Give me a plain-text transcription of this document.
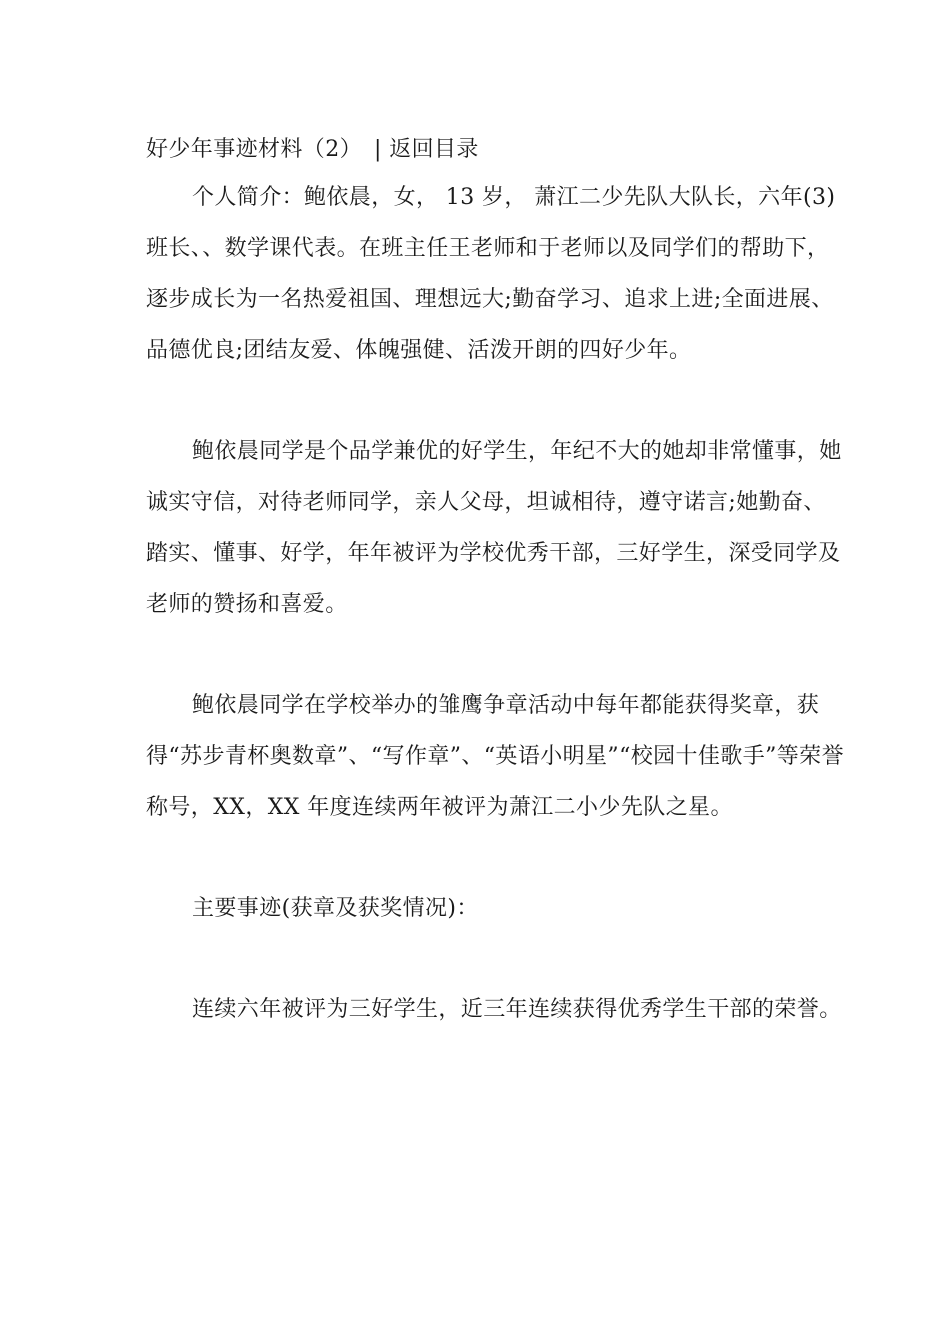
好少年事迹材料（2） | 返回目录

个人简介：鲍依晨，女， 13 岁， 萧江二少先队大队长，六年(3)班长、、数学课代表。在班主任王老师和于老师以及同学们的帮助下，逐步成长为一名热爱祖国、理想远大;勤奋学习、追求上进;全面进展、品德优良;团结友爱、体魄强健、活泼开朗的四好少年。

鲍依晨同学是个品学兼优的好学生，年纪不大的她却非常懂事，她诚实守信，对待老师同学，亲人父母，坦诚相待，遵守诺言;她勤奋、踏实、懂事、好学，年年被评为学校优秀干部，三好学生，深受同学及老师的赞扬和喜爱。

鲍依晨同学在学校举办的雏鹰争章活动中每年都能获得奖章，获得“苏步青杯奥数章”、“写作章”、“英语小明星”“校园十佳歌手”等荣誉称号，XX，XX 年度连续两年被评为萧江二小少先队之星。

主要事迹(获章及获奖情况)：

连续六年被评为三好学生，近三年连续获得优秀学生干部的荣誉。
